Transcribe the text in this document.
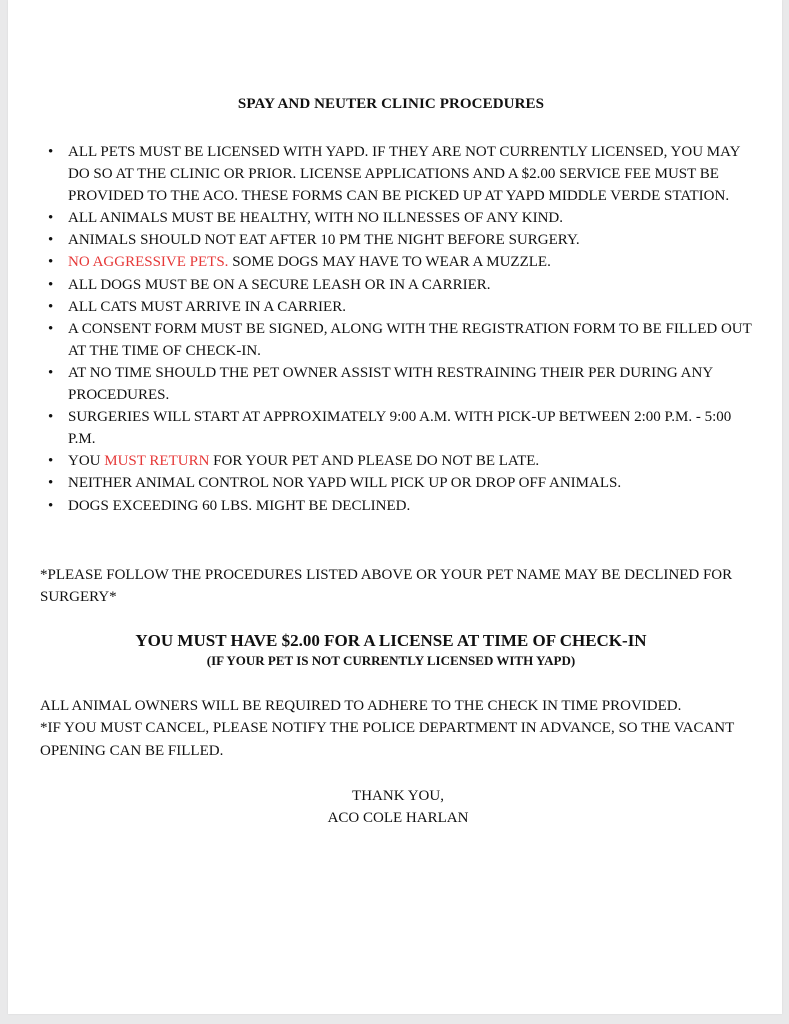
SPAY AND NEUTER CLINIC PROCEDURES
• ALL PETS MUST BE LICENSED WITH YAPD. IF THEY ARE NOT CURRENTLY LICENSED, YOU MAY DO SO AT THE CLINIC OR PRIOR. LICENSE APPLICATIONS AND A $2.00 SERVICE FEE MUST BE PROVIDED TO THE ACO. THESE FORMS CAN BE PICKED UP AT YAPD MIDDLE VERDE STATION.
• ALL ANIMALS MUST BE HEALTHY, WITH NO ILLNESSES OF ANY KIND.
• ANIMALS SHOULD NOT EAT AFTER 10 PM THE NIGHT BEFORE SURGERY.
• NO AGGRESSIVE PETS. SOME DOGS MAY HAVE TO WEAR A MUZZLE.
• ALL DOGS MUST BE ON A SECURE LEASH OR IN A CARRIER.
• ALL CATS MUST ARRIVE IN A CARRIER.
• A CONSENT FORM MUST BE SIGNED, ALONG WITH THE REGISTRATION FORM TO BE FILLED OUT AT THE TIME OF CHECK-IN.
• AT NO TIME SHOULD THE PET OWNER ASSIST WITH RESTRAINING THEIR PER DURING ANY PROCEDURES.
• SURGERIES WILL START AT APPROXIMATELY 9:00 A.M. WITH PICK-UP BETWEEN 2:00 P.M. - 5:00 P.M.
• YOU MUST RETURN FOR YOUR PET AND PLEASE DO NOT BE LATE.
• NEITHER ANIMAL CONTROL NOR YAPD WILL PICK UP OR DROP OFF ANIMALS.
• DOGS EXCEEDING 60 LBS. MIGHT BE DECLINED.
*PLEASE FOLLOW THE PROCEDURES LISTED ABOVE OR YOUR PET NAME MAY BE DECLINED FOR SURGERY*
YOU MUST HAVE $2.00 FOR A LICENSE AT TIME OF CHECK-IN
(IF YOUR PET IS NOT CURRENTLY LICENSED WITH YAPD)
ALL ANIMAL OWNERS WILL BE REQUIRED TO ADHERE TO THE CHECK IN TIME PROVIDED.
*IF YOU MUST CANCEL, PLEASE NOTIFY THE POLICE DEPARTMENT IN ADVANCE, SO THE VACANT OPENING CAN BE FILLED.
THANK YOU,
ACO COLE HARLAN
